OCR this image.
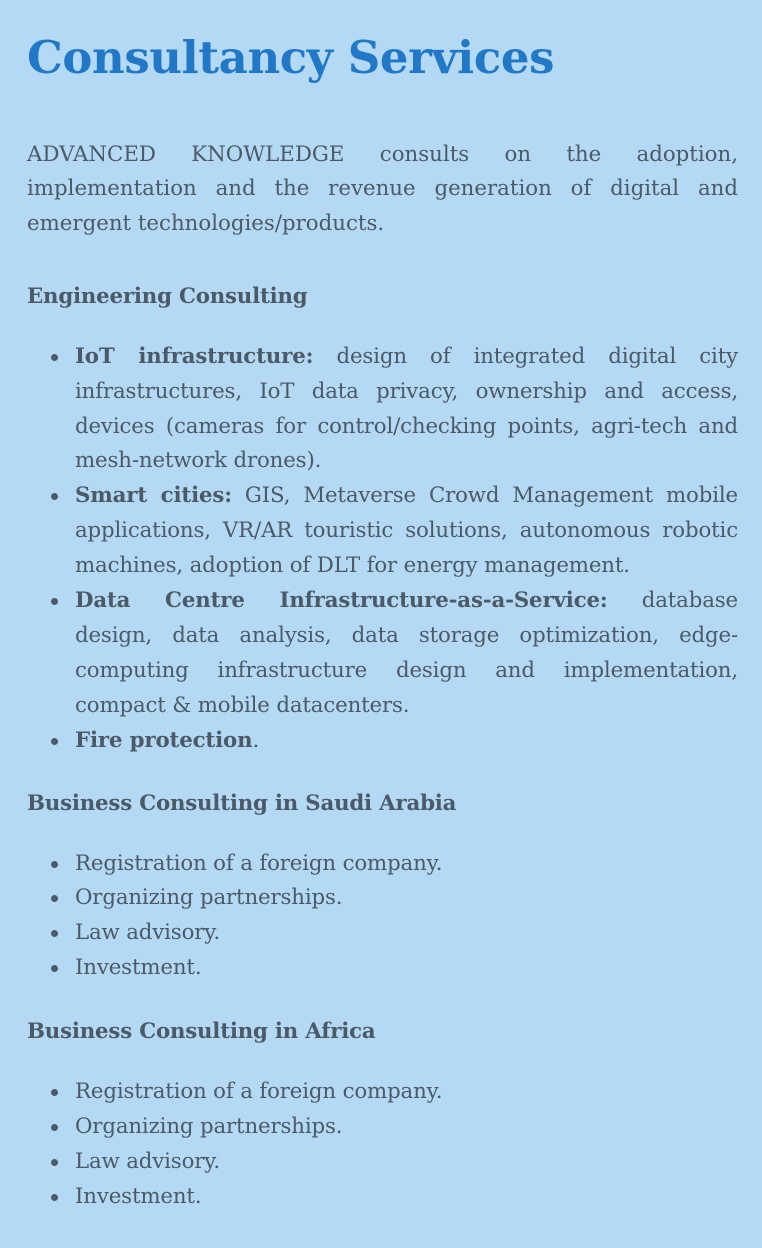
Consultancy Services

ADVANCED KNOWLEDGE consults on the adoption, implementation and the revenue generation of digital and emergent technologies/products.

Engineering Consulting
IoT infrastructure: design of integrated digital city infrastructures, IoT data privacy, ownership and access, devices (cameras for control/checking points, agri-tech and mesh-network drones).
Smart cities: GIS, Metaverse Crowd Management mobile applications, VR/AR touristic solutions, autonomous robotic machines, adoption of DLT for energy management.
Data Centre Infrastructure-as-a-Service: database design, data analysis, data storage optimization, edge-computing infrastructure design and implementation, compact & mobile datacenters.
Fire protection.
Business Consulting in Saudi Arabia
Registration of a foreign company.
Organizing partnerships.
Law advisory.
Investment.
Business Consulting in Africa
Registration of a foreign company.
Organizing partnerships.
Law advisory.
Investment.
